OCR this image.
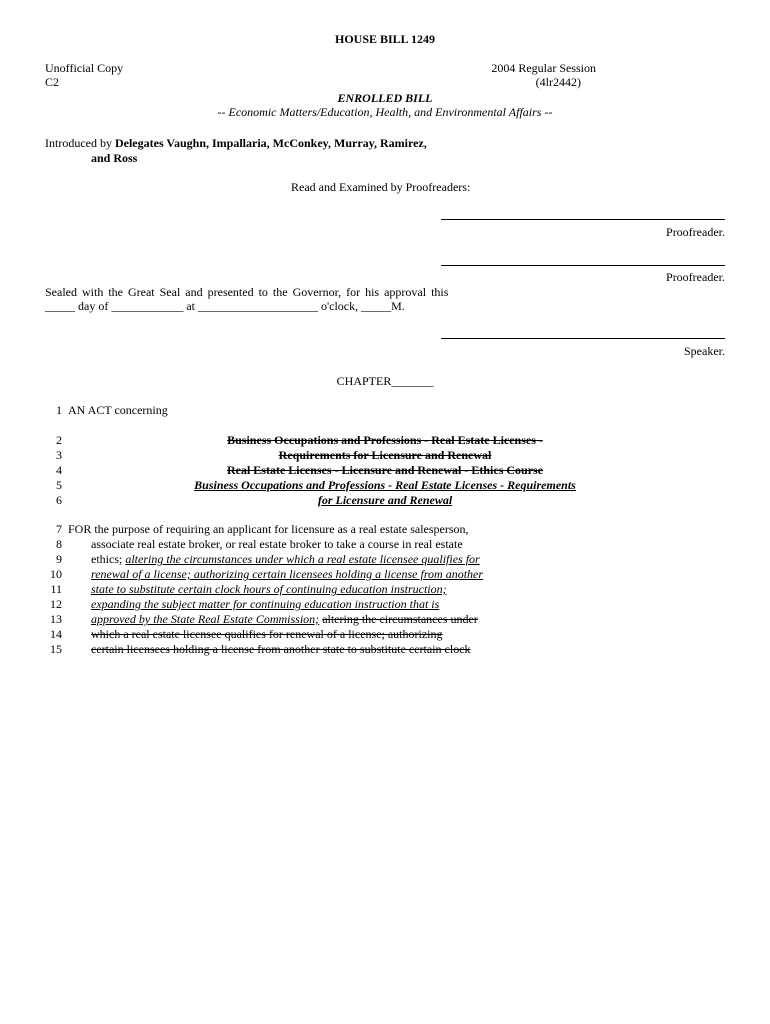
HOUSE BILL 1249
Unofficial Copy
C2
2004 Regular Session
(4lr2442)
ENROLLED BILL
-- Economic Matters/Education, Health, and Environmental Affairs --
Introduced by Delegates Vaughn, Impallaria, McConkey, Murray, Ramirez,
and Ross
Read and Examined by Proofreaders:
Proofreader.
Proofreader.
Sealed with the Great Seal and presented to the Governor, for his approval this
_____ day of ____________ at ____________________ o'clock, _____M.
Speaker.
CHAPTER_______
1
2
3
4
5
6
7
8
9
10
11
12
13
14
15
AN ACT concerning
Business Occupations and Professions - Real Estate Licenses -
Requirements for Licensure and Renewal
Real Estate Licenses - Licensure and Renewal - Ethics Course
Business Occupations and Professions - Real Estate Licenses - Requirements
for Licensure and Renewal
FOR the purpose of requiring an applicant for licensure as a real estate salesperson,
associate real estate broker, or real estate broker to take a course in real estate
ethics; altering the circumstances under which a real estate licensee qualifies for
renewal of a license; authorizing certain licensees holding a license from another
state to substitute certain clock hours of continuing education instruction;
expanding the subject matter for continuing education instruction that is
approved by the State Real Estate Commission; altering the circumstances under
which a real estate licensee qualifies for renewal of a license; authorizing
certain licensees holding a license from another state to substitute certain clock
